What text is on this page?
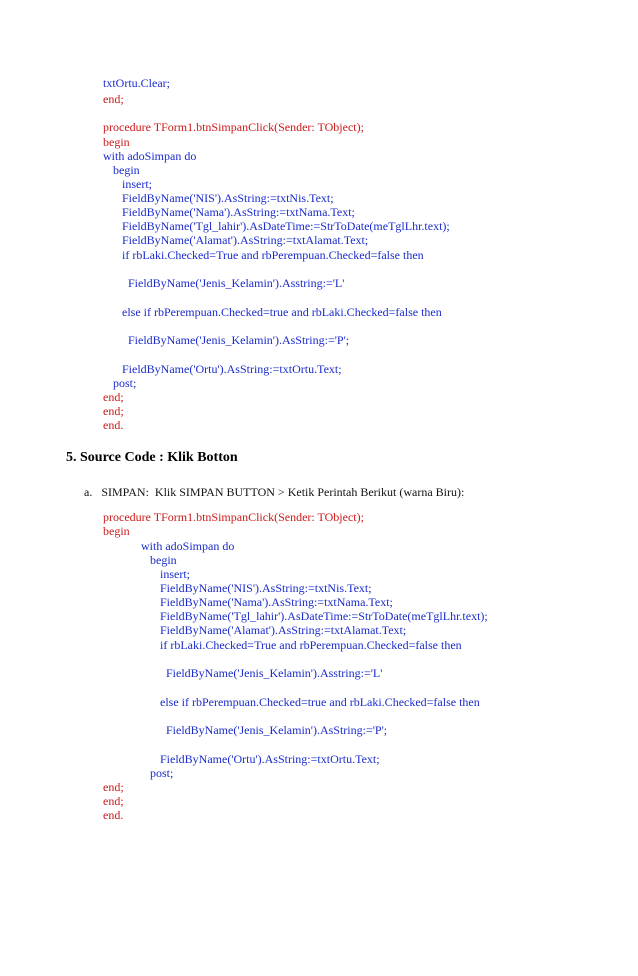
txtOrtu.Clear;
end;
procedure TForm1.btnSimpanClick(Sender: TObject);
begin
with adoSimpan do
begin
insert;
FieldByName('NIS').AsString:=txtNis.Text;
FieldByName('Nama').AsString:=txtNama.Text;
FieldByName('Tgl_lahir').AsDateTime:=StrToDate(meTglLhr.text);
FieldByName('Alamat').AsString:=txtAlamat.Text;
if rbLaki.Checked=True and rbPerempuan.Checked=false then
FieldByName('Jenis_Kelamin').Asstring:='L'
else if rbPerempuan.Checked=true and rbLaki.Checked=false then
FieldByName('Jenis_Kelamin').AsString:='P';
FieldByName('Ortu').AsString:=txtOrtu.Text;
post;
end;
end;
end.
5. Source Code : Klik Botton
a.   SIMPAN:  Klik SIMPAN BUTTON > Ketik Perintah Berikut (warna Biru):
procedure TForm1.btnSimpanClick(Sender: TObject);
begin
with adoSimpan do
begin
insert;
FieldByName('NIS').AsString:=txtNis.Text;
FieldByName('Nama').AsString:=txtNama.Text;
FieldByName('Tgl_lahir').AsDateTime:=StrToDate(meTglLhr.text);
FieldByName('Alamat').AsString:=txtAlamat.Text;
if rbLaki.Checked=True and rbPerempuan.Checked=false then
FieldByName('Jenis_Kelamin').Asstring:='L'
else if rbPerempuan.Checked=true and rbLaki.Checked=false then
FieldByName('Jenis_Kelamin').AsString:='P';
FieldByName('Ortu').AsString:=txtOrtu.Text;
post;
end;
end;
end.
